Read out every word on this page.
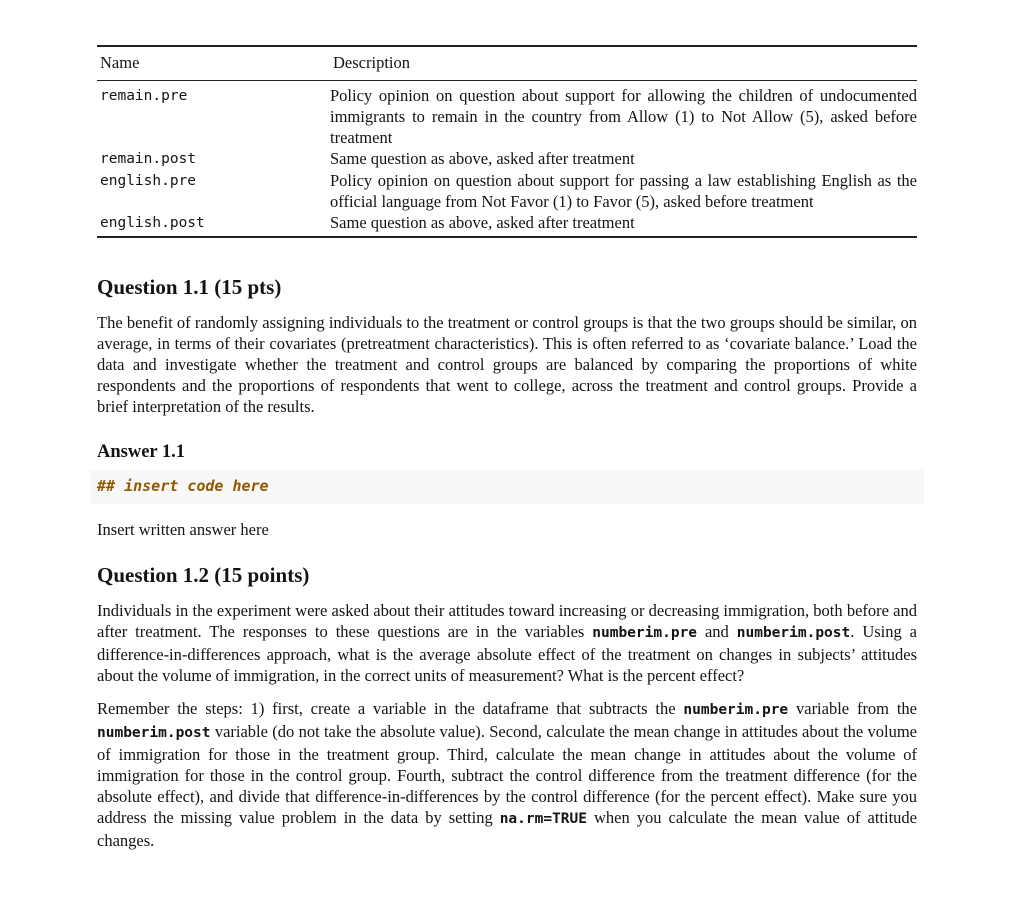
Name	Description
remain.pre	Policy opinion on question about support for allowing the children of undocumented immigrants to remain in the country from Allow (1) to Not Allow (5), asked before treatment
remain.post	Same question as above, asked after treatment
english.pre	Policy opinion on question about support for passing a law establishing English as the official language from Not Favor (1) to Favor (5), asked before treatment
english.post	Same question as above, asked after treatment
Question 1.1 (15 pts)

The benefit of randomly assigning individuals to the treatment or control groups is that the two groups should be similar, on average, in terms of their covariates (pretreatment characteristics). This is often referred to as ‘covariate balance.’ Load the data and investigate whether the treatment and control groups are balanced by comparing the proportions of white respondents and the proportions of respondents that went to college, across the treatment and control groups. Provide a brief interpretation of the results.

Answer 1.1
## insert code here

Insert written answer here

Question 1.2 (15 points)

Individuals in the experiment were asked about their attitudes toward increasing or decreasing immigration, both before and after treatment. The responses to these questions are in the variables numberim.pre and numberim.post. Using a difference-in-differences approach, what is the average absolute effect of the treatment on changes in subjects’ attitudes about the volume of immigration, in the correct units of measurement? What is the percent effect?

Remember the steps: 1) first, create a variable in the dataframe that subtracts the numberim.pre variable from the numberim.post variable (do not take the absolute value). Second, calculate the mean change in attitudes about the volume of immigration for those in the treatment group. Third, calculate the mean change in attitudes about the volume of immigration for those in the control group. Fourth, subtract the control difference from the treatment difference (for the absolute effect), and divide that difference-in-differences by the control difference (for the percent effect). Make sure you address the missing value problem in the data by setting na.rm=TRUE when you calculate the mean value of attitude changes.
